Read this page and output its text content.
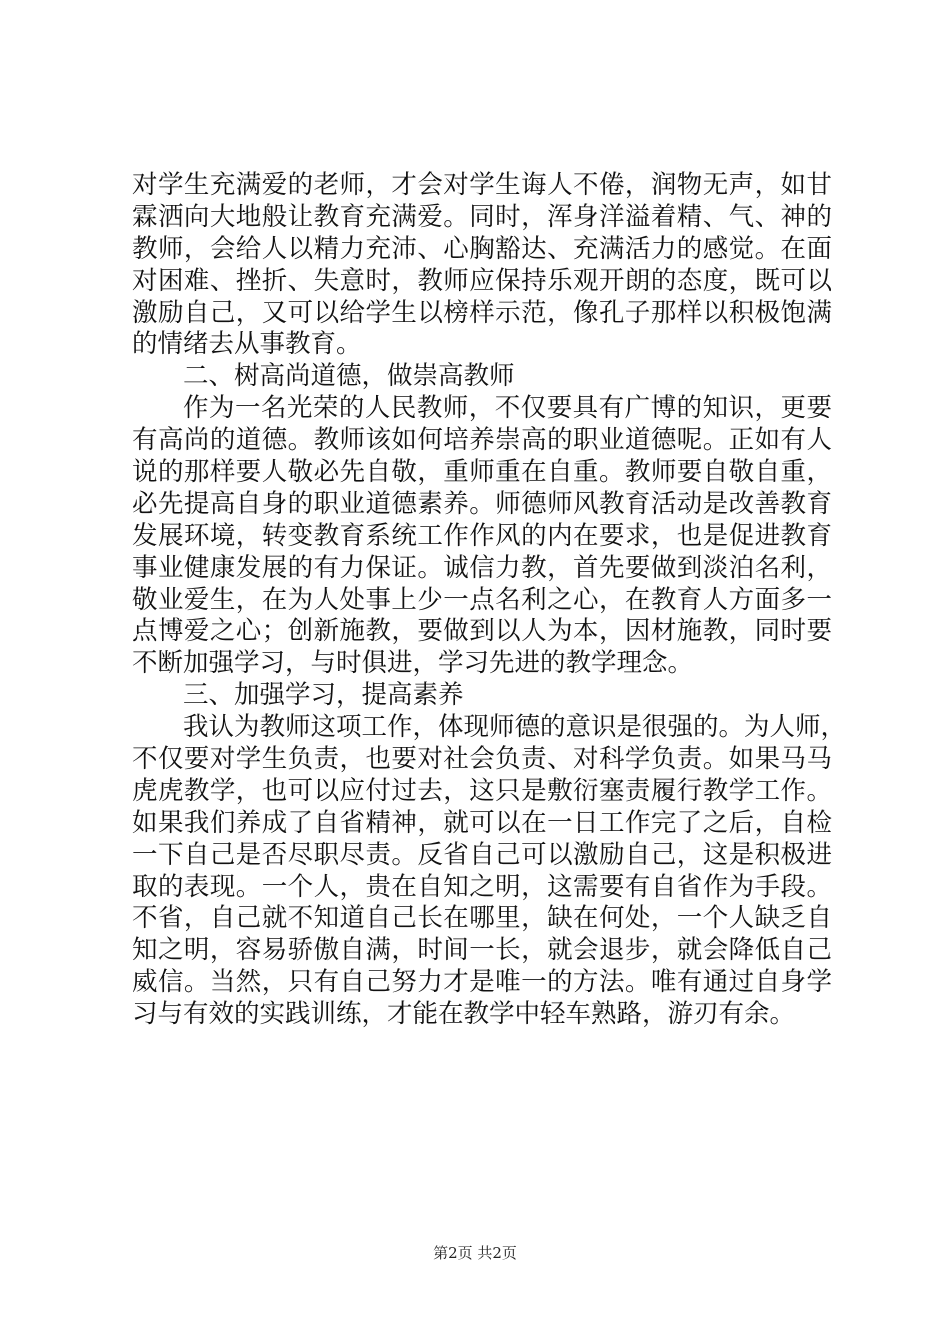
对学生充满爱的老师，才会对学生诲人不倦，润物无声，如甘
霖洒向大地般让教育充满爱。同时，浑身洋溢着精、气、神的
教师，会给人以精力充沛、心胸豁达、充满活力的感觉。在面
对困难、挫折、失意时，教师应保持乐观开朗的态度，既可以
激励自己，又可以给学生以榜样示范，像孔子那样以积极饱满
的情绪去从事教育。
二、树高尚道德，做崇高教师
作为一名光荣的人民教师，不仅要具有广博的知识，更要
有高尚的道德。教师该如何培养崇高的职业道德呢。正如有人
说的那样要人敬必先自敬，重师重在自重。教师要自敬自重，
必先提高自身的职业道德素养。师德师风教育活动是改善教育
发展环境，转变教育系统工作作风的内在要求，也是促进教育
事业健康发展的有力保证。诚信力教，首先要做到淡泊名利，
敬业爱生，在为人处事上少一点名利之心，在教育人方面多一
点博爱之心；创新施教，要做到以人为本，因材施教，同时要
不断加强学习，与时俱进，学习先进的教学理念。
三、加强学习，提高素养
我认为教师这项工作，体现师德的意识是很强的。为人师，
不仅要对学生负责，也要对社会负责、对科学负责。如果马马
虎虎教学，也可以应付过去，这只是敷衍塞责履行教学工作。
如果我们养成了自省精神，就可以在一日工作完了之后，自检
一下自己是否尽职尽责。反省自己可以激励自己，这是积极进
取的表现。一个人，贵在自知之明，这需要有自省作为手段。
不省，自己就不知道自己长在哪里，缺在何处，一个人缺乏自
知之明，容易骄傲自满，时间一长，就会退步，就会降低自己
威信。当然，只有自己努力才是唯一的方法。唯有通过自身学
习与有效的实践训练，才能在教学中轻车熟路，游刃有余。
第2页 共2页
